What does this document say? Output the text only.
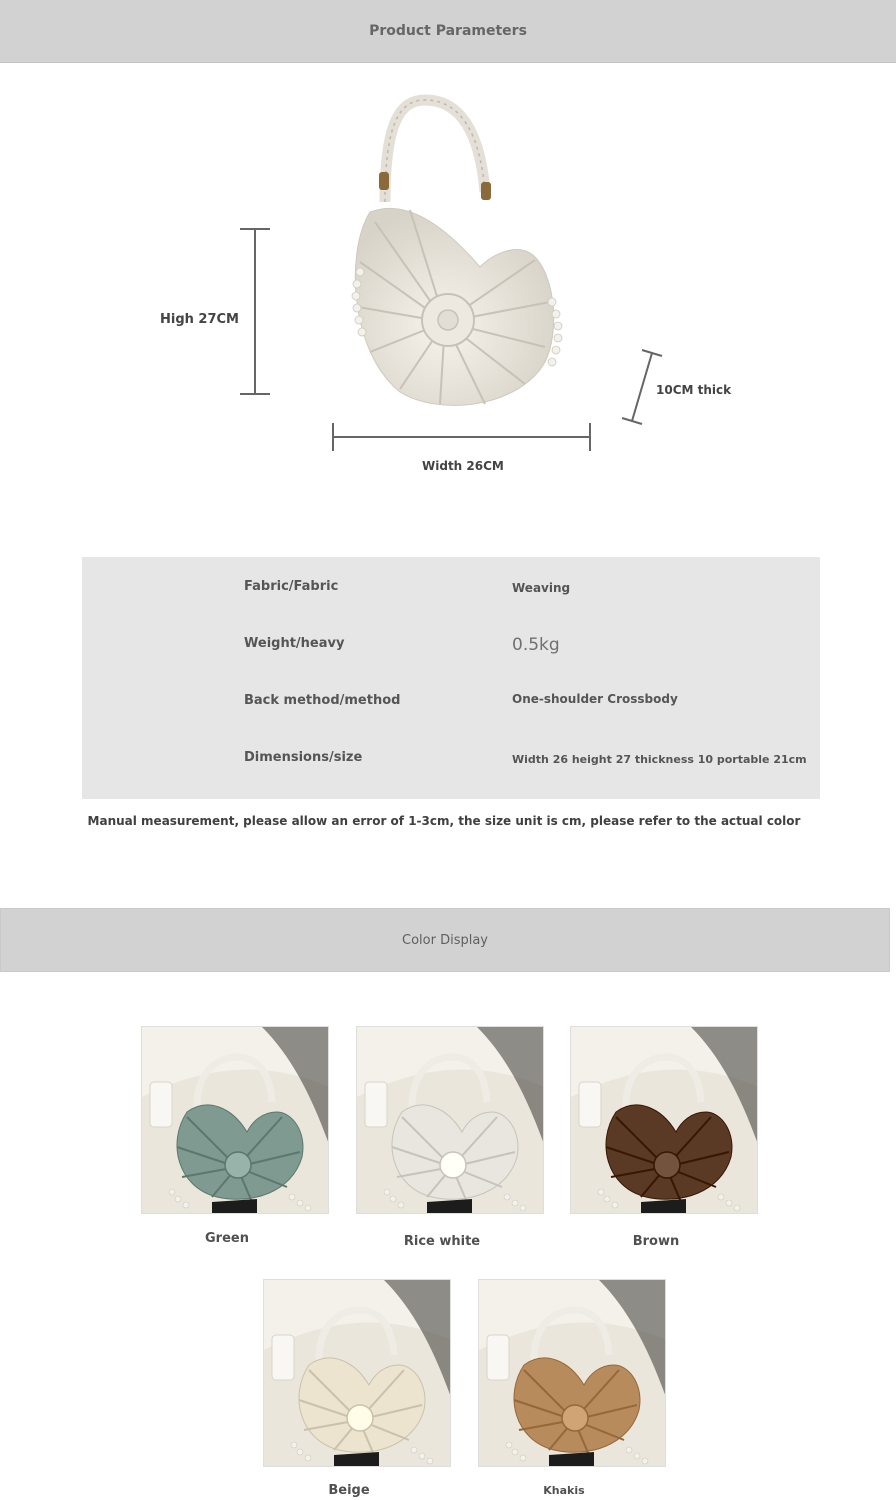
Product Parameters
High 27CM
Width 26CM
10CM thick
Fabric/Fabric	Weaving
Weight/heavy	0.5kg
Back method/method	One-shoulder Crossbody
Dimensions/size	Width 26 height 27 thickness 10 portable 21cm
Manual measurement, please allow an error of 1-3cm, the size unit is cm, please refer to the actual color
Color Display
Green	Rice white	Brown
Beige	Khakis
